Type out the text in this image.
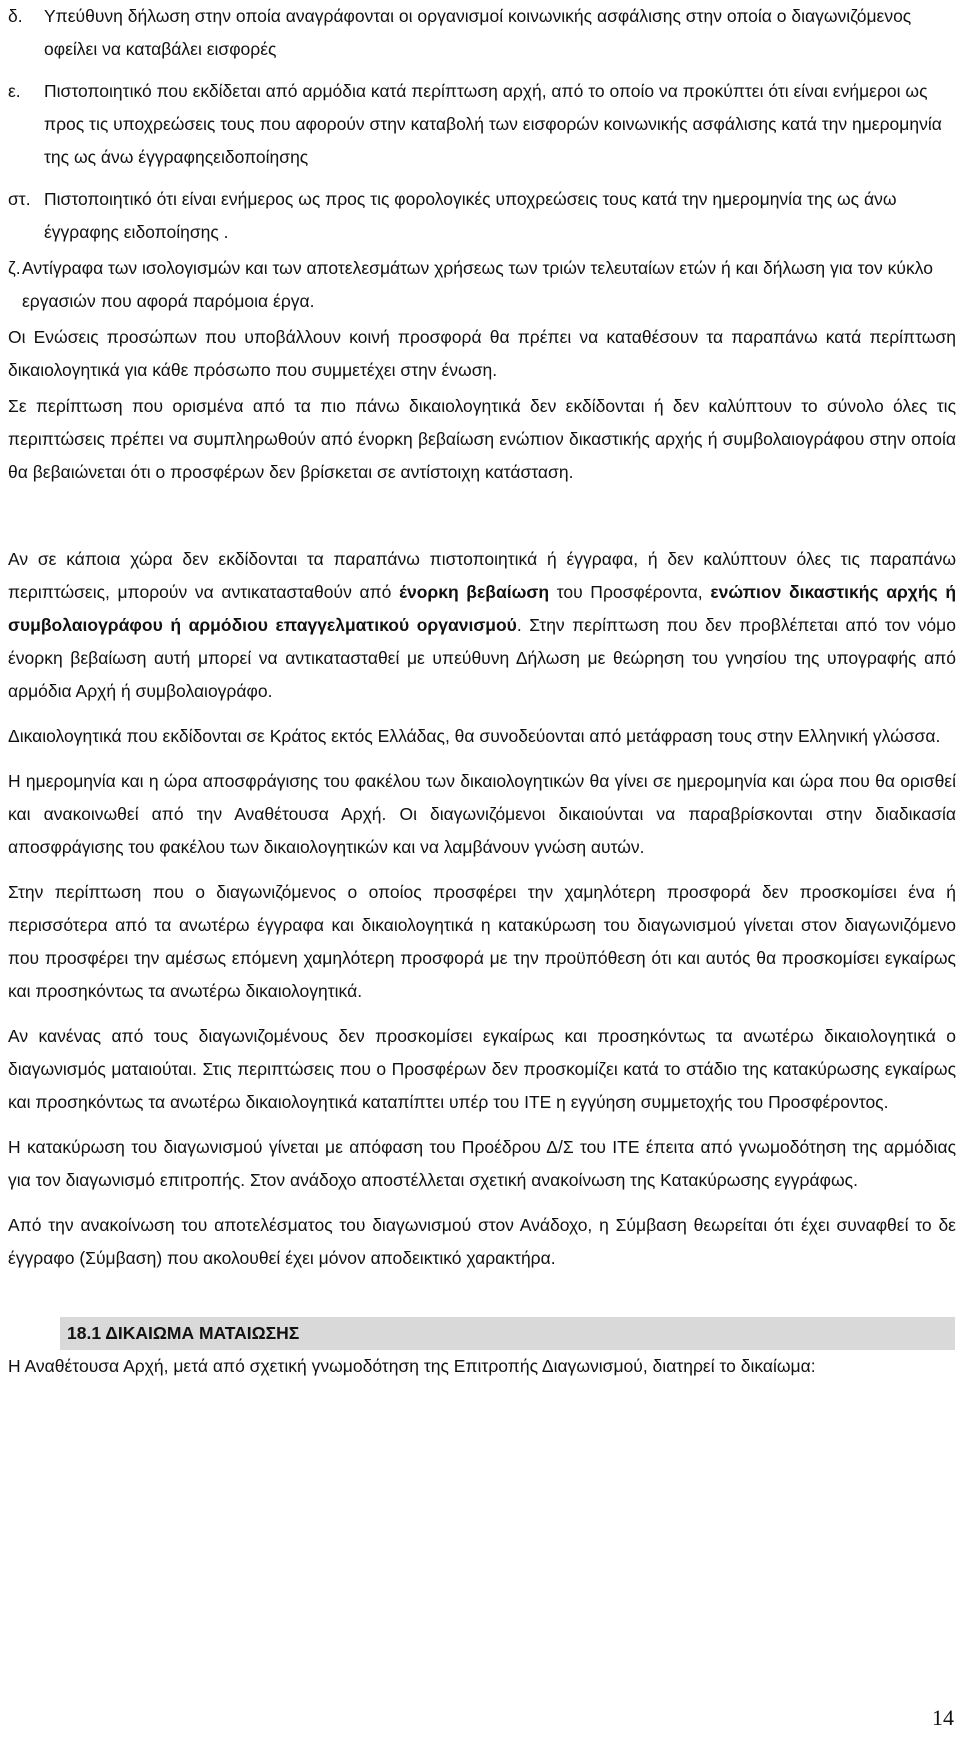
δ.	Υπεύθυνη δήλωση στην οποία αναγράφονται οι οργανισμοί κοινωνικής ασφάλισης στην οποία ο διαγωνιζόμενος οφείλει να καταβάλει εισφορές
ε.	Πιστοποιητικό που εκδίδεται από αρμόδια κατά περίπτωση αρχή, από το οποίο να προκύπτει ότι είναι ενήμεροι ως προς τις υποχρεώσεις τους που αφορούν στην καταβολή των εισφορών κοινωνικής ασφάλισης κατά την ημερομηνία της ως άνω έγγραφηςειδοποίησης
στ. Πιστοποιητικό ότι είναι ενήμερος ως προς τις φορολογικές υποχρεώσεις τους κατά την ημερομηνία της ως άνω έγγραφης ειδοποίησης .
ζ. Αντίγραφα των ισολογισμών και των αποτελεσμάτων χρήσεως των τριών τελευταίων ετών ή και δήλωση για τον κύκλο εργασιών που αφορά παρόμοια έργα.

Οι Ενώσεις προσώπων που υποβάλλουν κοινή προσφορά θα πρέπει να καταθέσουν τα παραπάνω κατά περίπτωση δικαιολογητικά για κάθε πρόσωπο που συμμετέχει στην ένωση.

Σε περίπτωση που ορισμένα από τα πιο πάνω δικαιολογητικά δεν εκδίδονται ή δεν καλύπτουν το σύνολο όλες τις περιπτώσεις πρέπει να συμπληρωθούν από ένορκη βεβαίωση ενώπιον δικαστικής αρχής ή συμβολαιογράφου στην οποία θα βεβαιώνεται ότι ο προσφέρων δεν βρίσκεται σε αντίστοιχη κατάσταση.

Αν σε κάποια χώρα δεν εκδίδονται τα παραπάνω πιστοποιητικά ή έγγραφα, ή δεν καλύπτουν όλες τις παραπάνω περιπτώσεις, μπορούν να αντικατασταθούν από ένορκη βεβαίωση του Προσφέροντα, ενώπιον δικαστικής αρχής ή συμβολαιογράφου ή αρμόδιου επαγγελματικού οργανισμού. Στην περίπτωση που δεν προβλέπεται από τον νόμο ένορκη βεβαίωση αυτή μπορεί να αντικατασταθεί με υπεύθυνη Δήλωση με θεώρηση του γνησίου της υπογραφής από αρμόδια Αρχή ή συμβολαιογράφο.

Δικαιολογητικά που εκδίδονται σε Κράτος εκτός Ελλάδας, θα συνοδεύονται από μετάφραση τους στην Ελληνική γλώσσα.

Η ημερομηνία και η ώρα αποσφράγισης του φακέλου των δικαιολογητικών θα γίνει σε ημερομηνία και ώρα που θα ορισθεί και ανακοινωθεί από την Αναθέτουσα Αρχή. Οι διαγωνιζόμενοι δικαιούνται να παραβρίσκονται στην διαδικασία αποσφράγισης του φακέλου των δικαιολογητικών και να λαμβάνουν γνώση αυτών.

Στην περίπτωση που ο διαγωνιζόμενος ο οποίος προσφέρει την χαμηλότερη προσφορά δεν προσκομίσει ένα ή περισσότερα από τα ανωτέρω έγγραφα και δικαιολογητικά η κατακύρωση του διαγωνισμού γίνεται στον διαγωνιζόμενο που προσφέρει την αμέσως επόμενη χαμηλότερη προσφορά με την προϋπόθεση ότι και αυτός θα προσκομίσει εγκαίρως και προσηκόντως τα ανωτέρω δικαιολογητικά.

Αν κανένας από τους διαγωνιζομένους δεν προσκομίσει εγκαίρως και προσηκόντως τα ανωτέρω δικαιολογητικά ο διαγωνισμός ματαιούται. Στις περιπτώσεις που ο Προσφέρων δεν προσκομίζει κατά το στάδιο της κατακύρωσης εγκαίρως και προσηκόντως τα ανωτέρω δικαιολογητικά καταπίπτει υπέρ του ΙΤΕ η εγγύηση συμμετοχής του Προσφέροντος.

Η κατακύρωση του διαγωνισμού γίνεται με απόφαση του Προέδρου Δ/Σ του ΙΤΕ έπειτα από γνωμοδότηση της αρμόδιας για τον διαγωνισμό επιτροπής. Στον ανάδοχο αποστέλλεται σχετική ανακοίνωση της Κατακύρωσης εγγράφως.

Από την ανακοίνωση του αποτελέσματος του διαγωνισμού στον Ανάδοχο, η Σύμβαση θεωρείται ότι έχει συναφθεί το δε έγγραφο (Σύμβαση) που ακολουθεί έχει μόνον αποδεικτικό χαρακτήρα.

18.1 ΔΙΚΑΙΩΜΑ ΜΑΤΑΙΩΣΗΣ

Η Αναθέτουσα Αρχή, μετά από σχετική γνωμοδότηση της Επιτροπής Διαγωνισμού, διατηρεί το δικαίωμα:

14
